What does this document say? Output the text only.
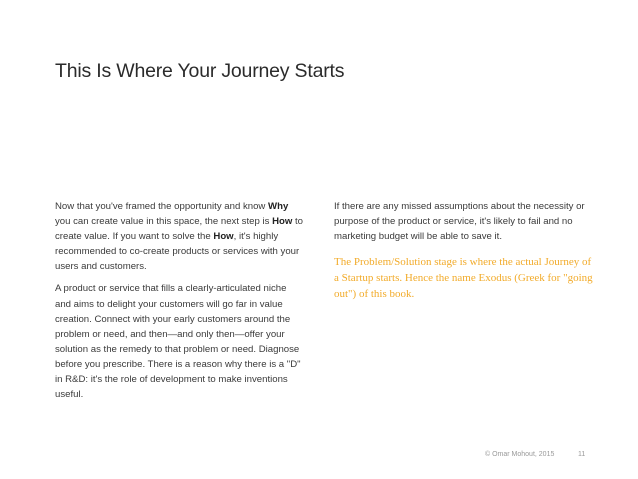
This Is Where Your Journey Starts

Now that you've framed the opportunity and know Why you can create value in this space, the next step is How to create value. If you want to solve the How, it's highly recommended to co-create products or services with your users and customers.

A product or service that fills a clearly-articulated niche and aims to delight your customers will go far in value creation. Connect with your early customers around the problem or need, and then—and only then—offer your solution as the remedy to that problem or need. Diagnose before you prescribe. There is a reason why there is a "D" in R&D: it's the role of development to make inventions useful.

If there are any missed assumptions about the necessity or purpose of the product or service, it's likely to fail and no marketing budget will be able to save it.

The Problem/Solution stage is where the actual Journey of a Startup starts. Hence the name Exodus (Greek for "going out") of this book.

© Omar Mohout, 2015	11
